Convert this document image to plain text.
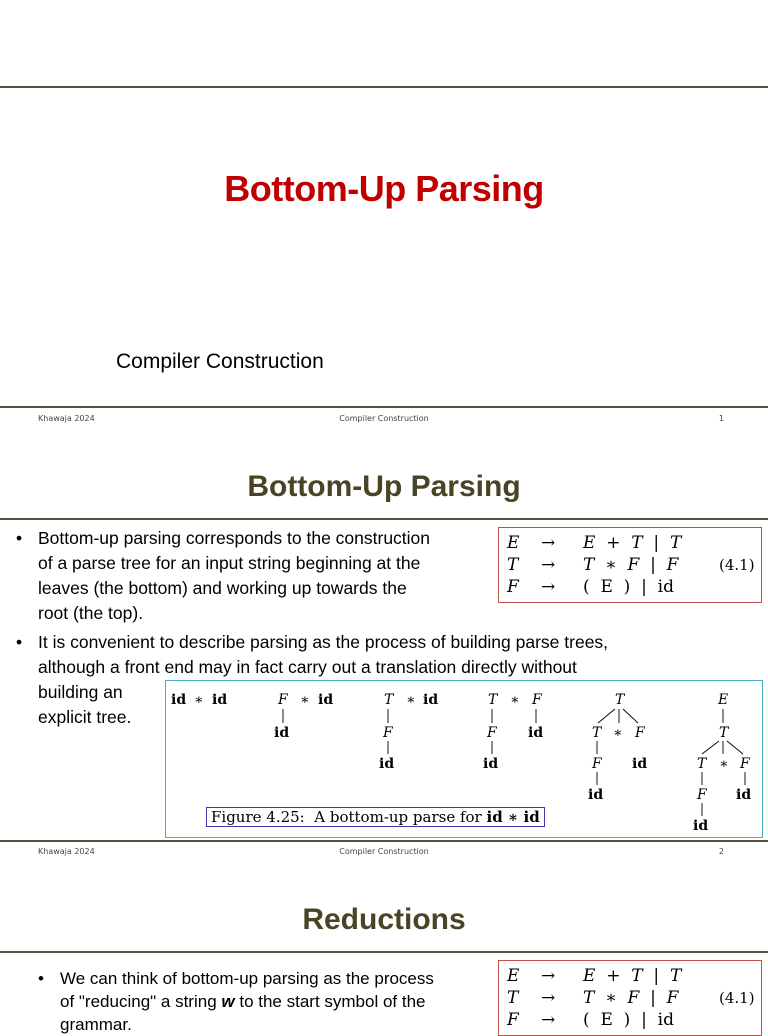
Bottom-Up Parsing
Compiler Construction
Khawaja 2024	Compiler Construction	1
Bottom-Up Parsing
• Bottom-up parsing corresponds to the construction
of a parse tree for an input string beginning at the
leaves (the bottom) and working up towards the
root (the top).
E → E  +  T  |  T
T → T  ∗  F  |  F	(4.1)
F → (  E  )  |  id
• It is convenient to describe parsing as the process of building parse trees,
although a front end may in fact carry out a translation directly without
building an
explicit tree.
id ∗ id	F ∗ id
id
T ∗ id
F
id
T ∗ F
F id
id
T
T ∗ F
F id
id
E
T
T ∗ F
F id
id
Figure 4.25:  A bottom-up parse for id ∗ id
Khawaja 2024	Compiler Construction	2
Reductions
• We can think of bottom-up parsing as the process
of "reducing" a string w to the start symbol of the
grammar.
E → E  +  T  |  T
T → T  ∗  F  |  F	(4.1)
F → (  E  )  |  id
